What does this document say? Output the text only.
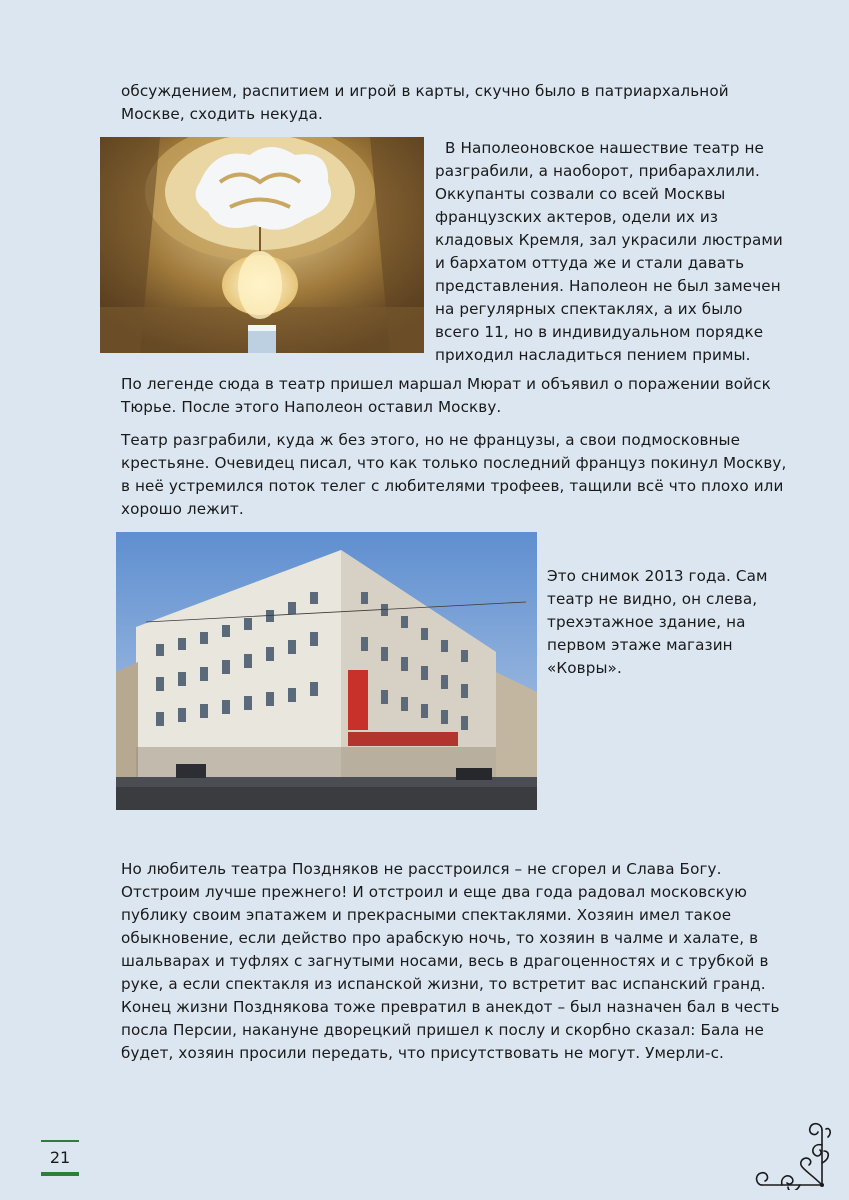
обсуждением, распитием и игрой в карты, скучно было в патриархальной Москве, сходить некуда.

В Наполеоновское нашествие театр не разграбили, а наоборот, прибарахлили. Оккупанты созвали со всей Москвы французских актеров, одели их из кладовых Кремля, зал украсили люстрами и бархатом оттуда же и стали давать представления. Наполеон не был замечен на регулярных спектаклях, а их было всего 11, но в индивидуальном порядке приходил насладиться пением примы.

По легенде сюда в театр пришел маршал Мюрат и объявил о поражении войск Тюрье. После этого Наполеон оставил Москву.

Театр разграбили, куда ж без этого, но не французы, а свои подмосковные крестьяне. Очевидец писал, что как только последний француз покинул Москву, в неё устремился поток телег с любителями трофеев, тащили всё что плохо или хорошо лежит.

Это снимок 2013 года. Сам театр не видно, он слева, трехэтажное здание, на первом этаже магазин «Ковры».

Но любитель театра Поздняков не расстроился – не сгорел и Слава Богу. Отстроим лучше прежнего! И отстроил и еще два года радовал московскую публику своим эпатажем и прекрасными спектаклями. Хозяин имел такое обыкновение, если действо про арабскую ночь, то хозяин в чалме и халате, в шальварах и туфлях с загнутыми носами, весь в драгоценностях и с трубкой в руке, а если спектакля из испанской жизни, то встретит вас испанский гранд. Конец жизни Позднякова тоже превратил в анекдот – был назначен бал в честь посла Персии, накануне дворецкий пришел к послу и скорбно сказал: Бала не будет, хозяин просили передать, что присутствовать не могут. Умерли-с.

21
